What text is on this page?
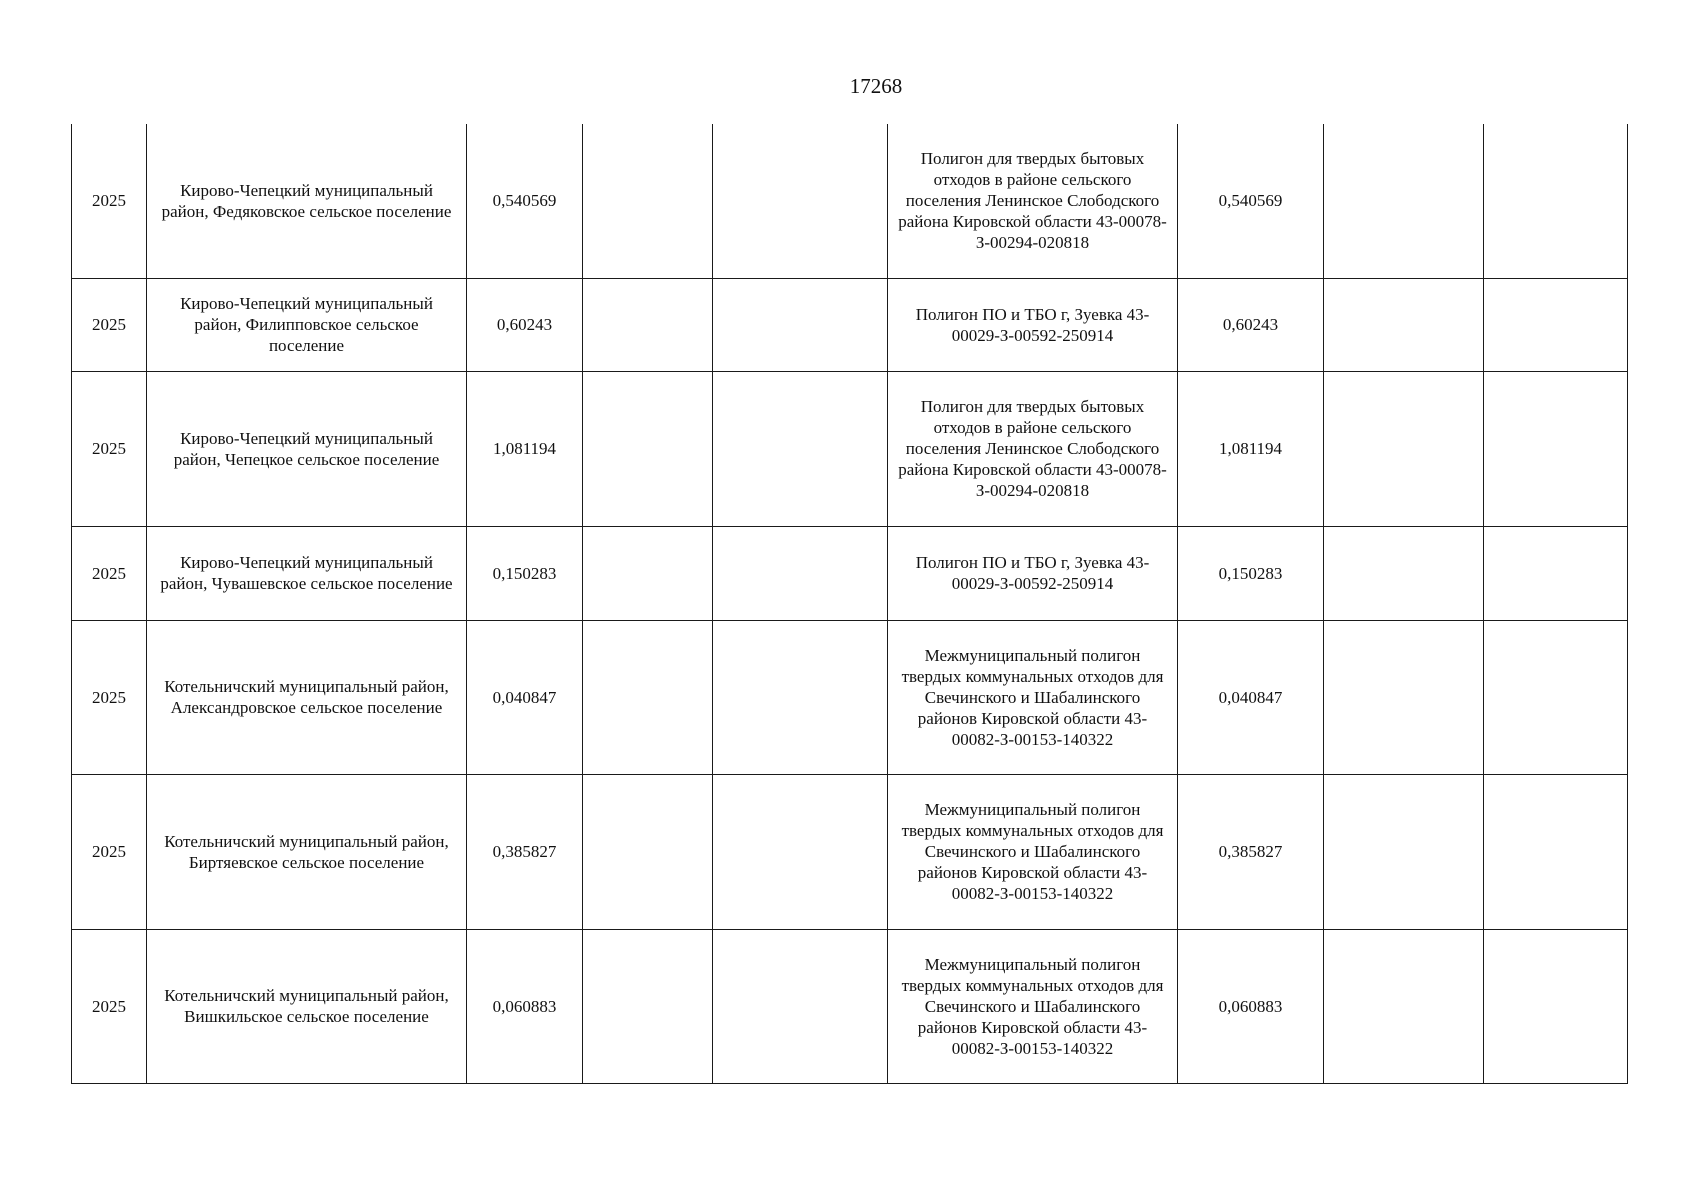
17268
2025	Кирово-Чепецкий муниципальный район, Федяковское сельское поселение	0,540569			Полигон для твердых бытовых отходов в районе сельского поселения Ленинское Слободского района Кировской области 43-00078-З-00294-020818	0,540569		
2025	Кирово-Чепецкий муниципальный район, Филипповское сельское поселение	0,60243			Полигон ПО и ТБО г, Зуевка 43-00029-З-00592-250914	0,60243		
2025	Кирово-Чепецкий муниципальный район, Чепецкое сельское поселение	1,081194			Полигон для твердых бытовых отходов в районе сельского поселения Ленинское Слободского района Кировской области 43-00078-З-00294-020818	1,081194		
2025	Кирово-Чепецкий муниципальный район, Чувашевское сельское поселение	0,150283			Полигон ПО и ТБО г, Зуевка 43-00029-З-00592-250914	0,150283		
2025	Котельничский муниципальный район, Александровское сельское поселение	0,040847			Межмуниципальный полигон твердых коммунальных отходов для Свечинского и Шабалинского районов Кировской области 43-00082-З-00153-140322	0,040847		
2025	Котельничский муниципальный район, Биртяевское сельское поселение	0,385827			Межмуниципальный полигон твердых коммунальных отходов для Свечинского и Шабалинского районов Кировской области 43-00082-З-00153-140322	0,385827		
2025	Котельничский муниципальный район, Вишкильское сельское поселение	0,060883			Межмуниципальный полигон твердых коммунальных отходов для Свечинского и Шабалинского районов Кировской области 43-00082-З-00153-140322	0,060883		
